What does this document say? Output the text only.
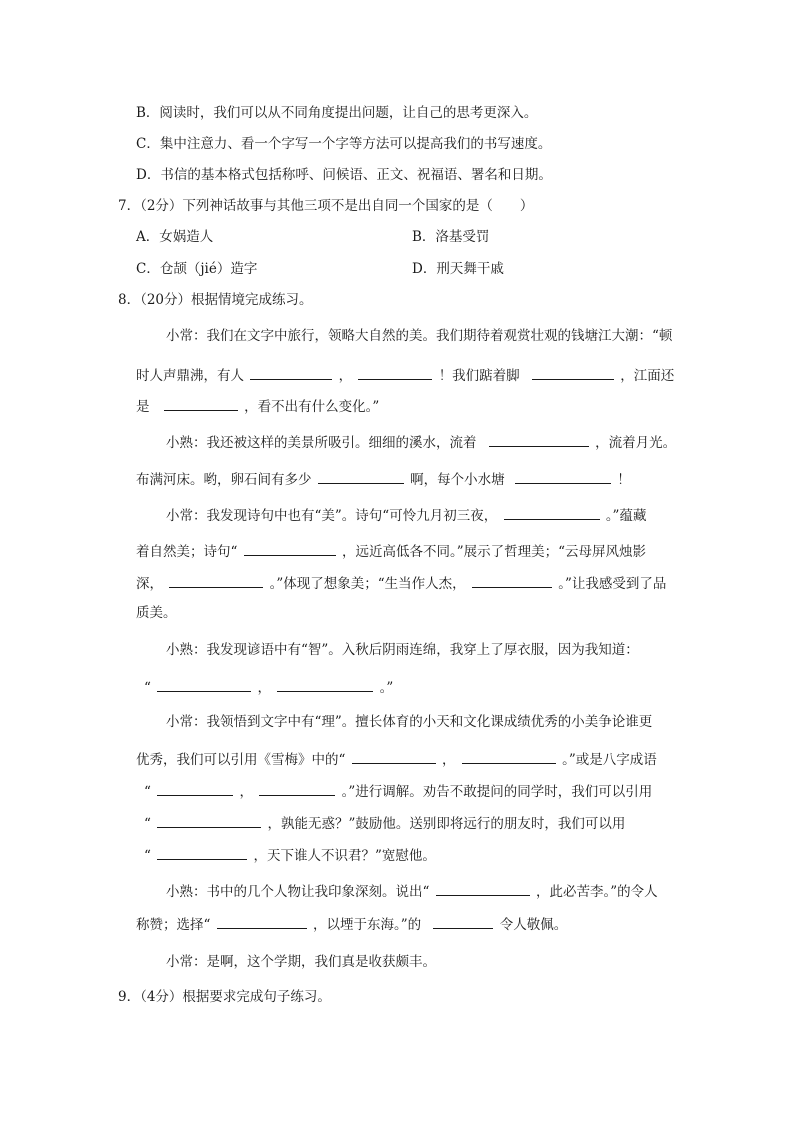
B．阅读时，我们可以从不同角度提出问题，让自己的思考更深入。
C．集中注意力、看一个字写一个字等方法可以提高我们的书写速度。
D．书信的基本格式包括称呼、问候语、正文、祝福语、署名和日期。
7．（2分）下列神话故事与其他三项不是出自同一个国家的是（　　）
A．女娲造人	B．洛基受罚
C．仓颉（jié）造字	D．刑天舞干戚
8．（20分）根据情境完成练习。
小常：我们在文字中旅行，领略大自然的美。我们期待着观赏壮观的钱塘江大潮：“顿
时人声鼎沸，有人	，	！我们踮着脚	，江面还
是	，看不出有什么变化。”
小熟：我还被这样的美景所吸引。细细的溪水，流着	，流着月光。
布满河床。哟，卵石间有多少	啊，每个小水塘	！
小常：我发现诗句中也有“美”。诗句“可怜九月初三夜，	。”蕴藏
着自然美；诗句“	，远近高低各不同。”展示了哲理美；“云母屏风烛影
深，	。”体现了想象美；“生当作人杰，	。”让我感受到了品
质美。
小熟：我发现谚语中有“智”。入秋后阴雨连绵，我穿上了厚衣服，因为我知道：
“	，	。”
小常：我领悟到文字中有“理”。擅长体育的小天和文化课成绩优秀的小美争论谁更
优秀，我们可以引用《雪梅》中的“	，	。”或是八字成语
“	，	。”进行调解。劝告不敢提问的同学时，我们可以引用
“	，孰能无惑？”鼓励他。送别即将远行的朋友时，我们可以用
“	，天下谁人不识君？”宽慰他。
小熟：书中的几个人物让我印象深刻。说出“	，此必苦李。”的令人
称赞；选择“	，以堙于东海。”的	令人敬佩。
小常：是啊，这个学期，我们真是收获颇丰。
9．（4分）根据要求完成句子练习。
